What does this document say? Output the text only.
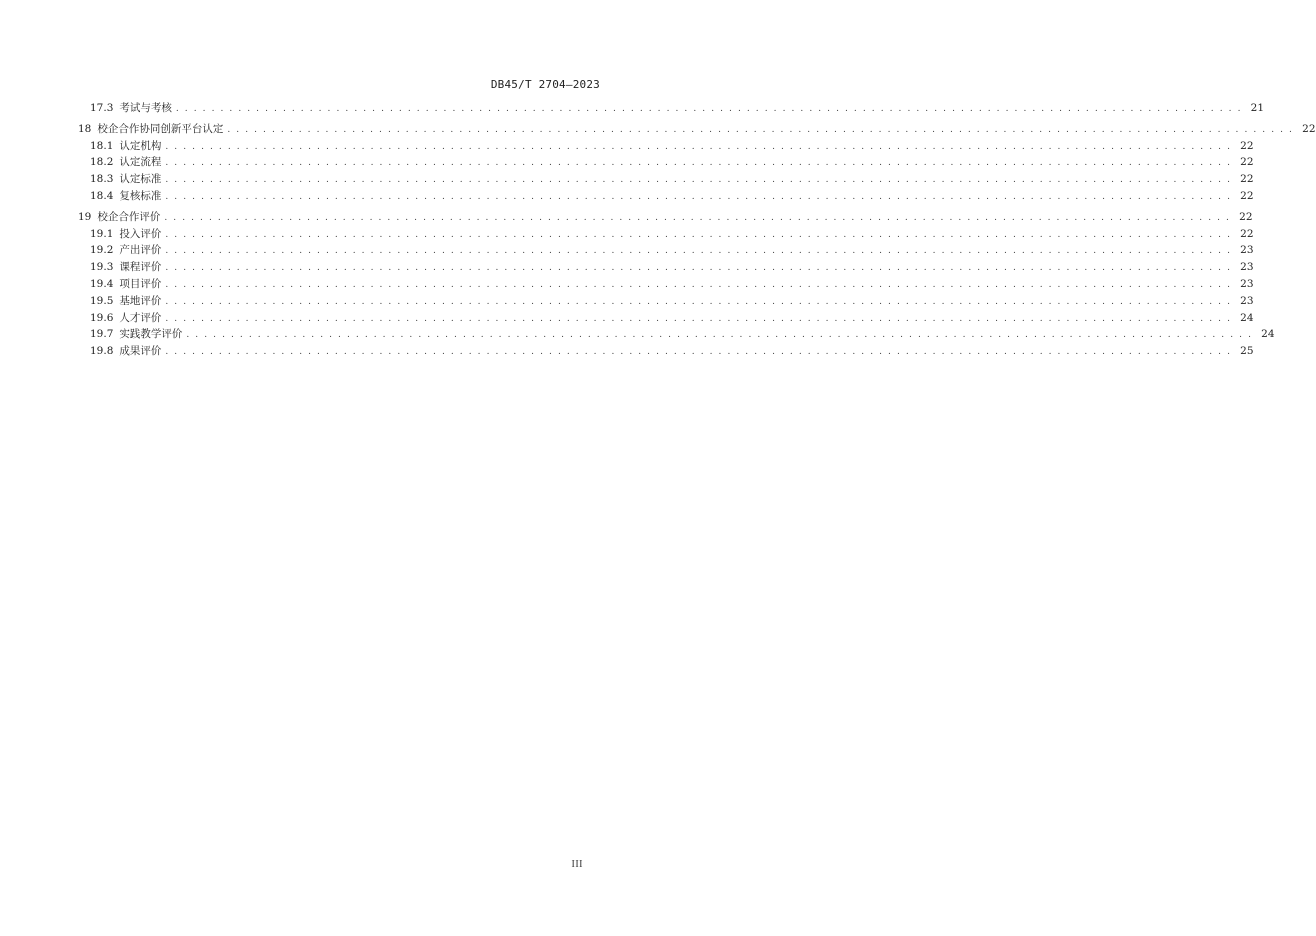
DB45/T 2704—2023
17.3 考试与考核 . . . . . . . . . . . . . . . . . . . . . . . . . . . . . . . . . . . . . . . . . . . . . . . . . . . . . . . . . . . . . . . . . . . . . . . . . . . . . . . . . . . . . . . . . . . . . . . . . . . . . . . . . . . . . . . . . . . . . . . . 21
18 校企合作协同创新平台认定 . . . . . . . . . . . . . . . . . . . . . . . . . . . . . . . . . . . . . . . . . . . . . . . . . . . . . . . . . . . . . . . . . . . . . . . . . . . . . . . . . . . . . . . . . . . . . . . . . . . . . . . . . . . . . . . . . . . . . . . . 22
18.1 认定机构 . . . . . . . . . . . . . . . . . . . . . . . . . . . . . . . . . . . . . . . . . . . . . . . . . . . . . . . . . . . . . . . . . . . . . . . . . . . . . . . . . . . . . . . . . . . . . . . . . . . . . . . . . . . . . . . . . . . . . . . . 22
18.2 认定流程 . . . . . . . . . . . . . . . . . . . . . . . . . . . . . . . . . . . . . . . . . . . . . . . . . . . . . . . . . . . . . . . . . . . . . . . . . . . . . . . . . . . . . . . . . . . . . . . . . . . . . . . . . . . . . . . . . . . . . . . . 22
18.3 认定标准 . . . . . . . . . . . . . . . . . . . . . . . . . . . . . . . . . . . . . . . . . . . . . . . . . . . . . . . . . . . . . . . . . . . . . . . . . . . . . . . . . . . . . . . . . . . . . . . . . . . . . . . . . . . . . . . . . . . . . . . . 22
18.4 复核标准 . . . . . . . . . . . . . . . . . . . . . . . . . . . . . . . . . . . . . . . . . . . . . . . . . . . . . . . . . . . . . . . . . . . . . . . . . . . . . . . . . . . . . . . . . . . . . . . . . . . . . . . . . . . . . . . . . . . . . . . . 22
19 校企合作评价 . . . . . . . . . . . . . . . . . . . . . . . . . . . . . . . . . . . . . . . . . . . . . . . . . . . . . . . . . . . . . . . . . . . . . . . . . . . . . . . . . . . . . . . . . . . . . . . . . . . . . . . . . . . . . . . . . . . . . . . . 22
19.1 投入评价 . . . . . . . . . . . . . . . . . . . . . . . . . . . . . . . . . . . . . . . . . . . . . . . . . . . . . . . . . . . . . . . . . . . . . . . . . . . . . . . . . . . . . . . . . . . . . . . . . . . . . . . . . . . . . . . . . . . . . . . . 22
19.2 产出评价 . . . . . . . . . . . . . . . . . . . . . . . . . . . . . . . . . . . . . . . . . . . . . . . . . . . . . . . . . . . . . . . . . . . . . . . . . . . . . . . . . . . . . . . . . . . . . . . . . . . . . . . . . . . . . . . . . . . . . . . . 23
19.3 课程评价 . . . . . . . . . . . . . . . . . . . . . . . . . . . . . . . . . . . . . . . . . . . . . . . . . . . . . . . . . . . . . . . . . . . . . . . . . . . . . . . . . . . . . . . . . . . . . . . . . . . . . . . . . . . . . . . . . . . . . . . . 23
19.4 项目评价 . . . . . . . . . . . . . . . . . . . . . . . . . . . . . . . . . . . . . . . . . . . . . . . . . . . . . . . . . . . . . . . . . . . . . . . . . . . . . . . . . . . . . . . . . . . . . . . . . . . . . . . . . . . . . . . . . . . . . . . . 23
19.5 基地评价 . . . . . . . . . . . . . . . . . . . . . . . . . . . . . . . . . . . . . . . . . . . . . . . . . . . . . . . . . . . . . . . . . . . . . . . . . . . . . . . . . . . . . . . . . . . . . . . . . . . . . . . . . . . . . . . . . . . . . . . . 23
19.6 人才评价 . . . . . . . . . . . . . . . . . . . . . . . . . . . . . . . . . . . . . . . . . . . . . . . . . . . . . . . . . . . . . . . . . . . . . . . . . . . . . . . . . . . . . . . . . . . . . . . . . . . . . . . . . . . . . . . . . . . . . . . . 24
19.7 实践教学评价 . . . . . . . . . . . . . . . . . . . . . . . . . . . . . . . . . . . . . . . . . . . . . . . . . . . . . . . . . . . . . . . . . . . . . . . . . . . . . . . . . . . . . . . . . . . . . . . . . . . . . . . . . . . . . . . . . . . . . . . . 24
19.8 成果评价 . . . . . . . . . . . . . . . . . . . . . . . . . . . . . . . . . . . . . . . . . . . . . . . . . . . . . . . . . . . . . . . . . . . . . . . . . . . . . . . . . . . . . . . . . . . . . . . . . . . . . . . . . . . . . . . . . . . . . . . . 25
III
